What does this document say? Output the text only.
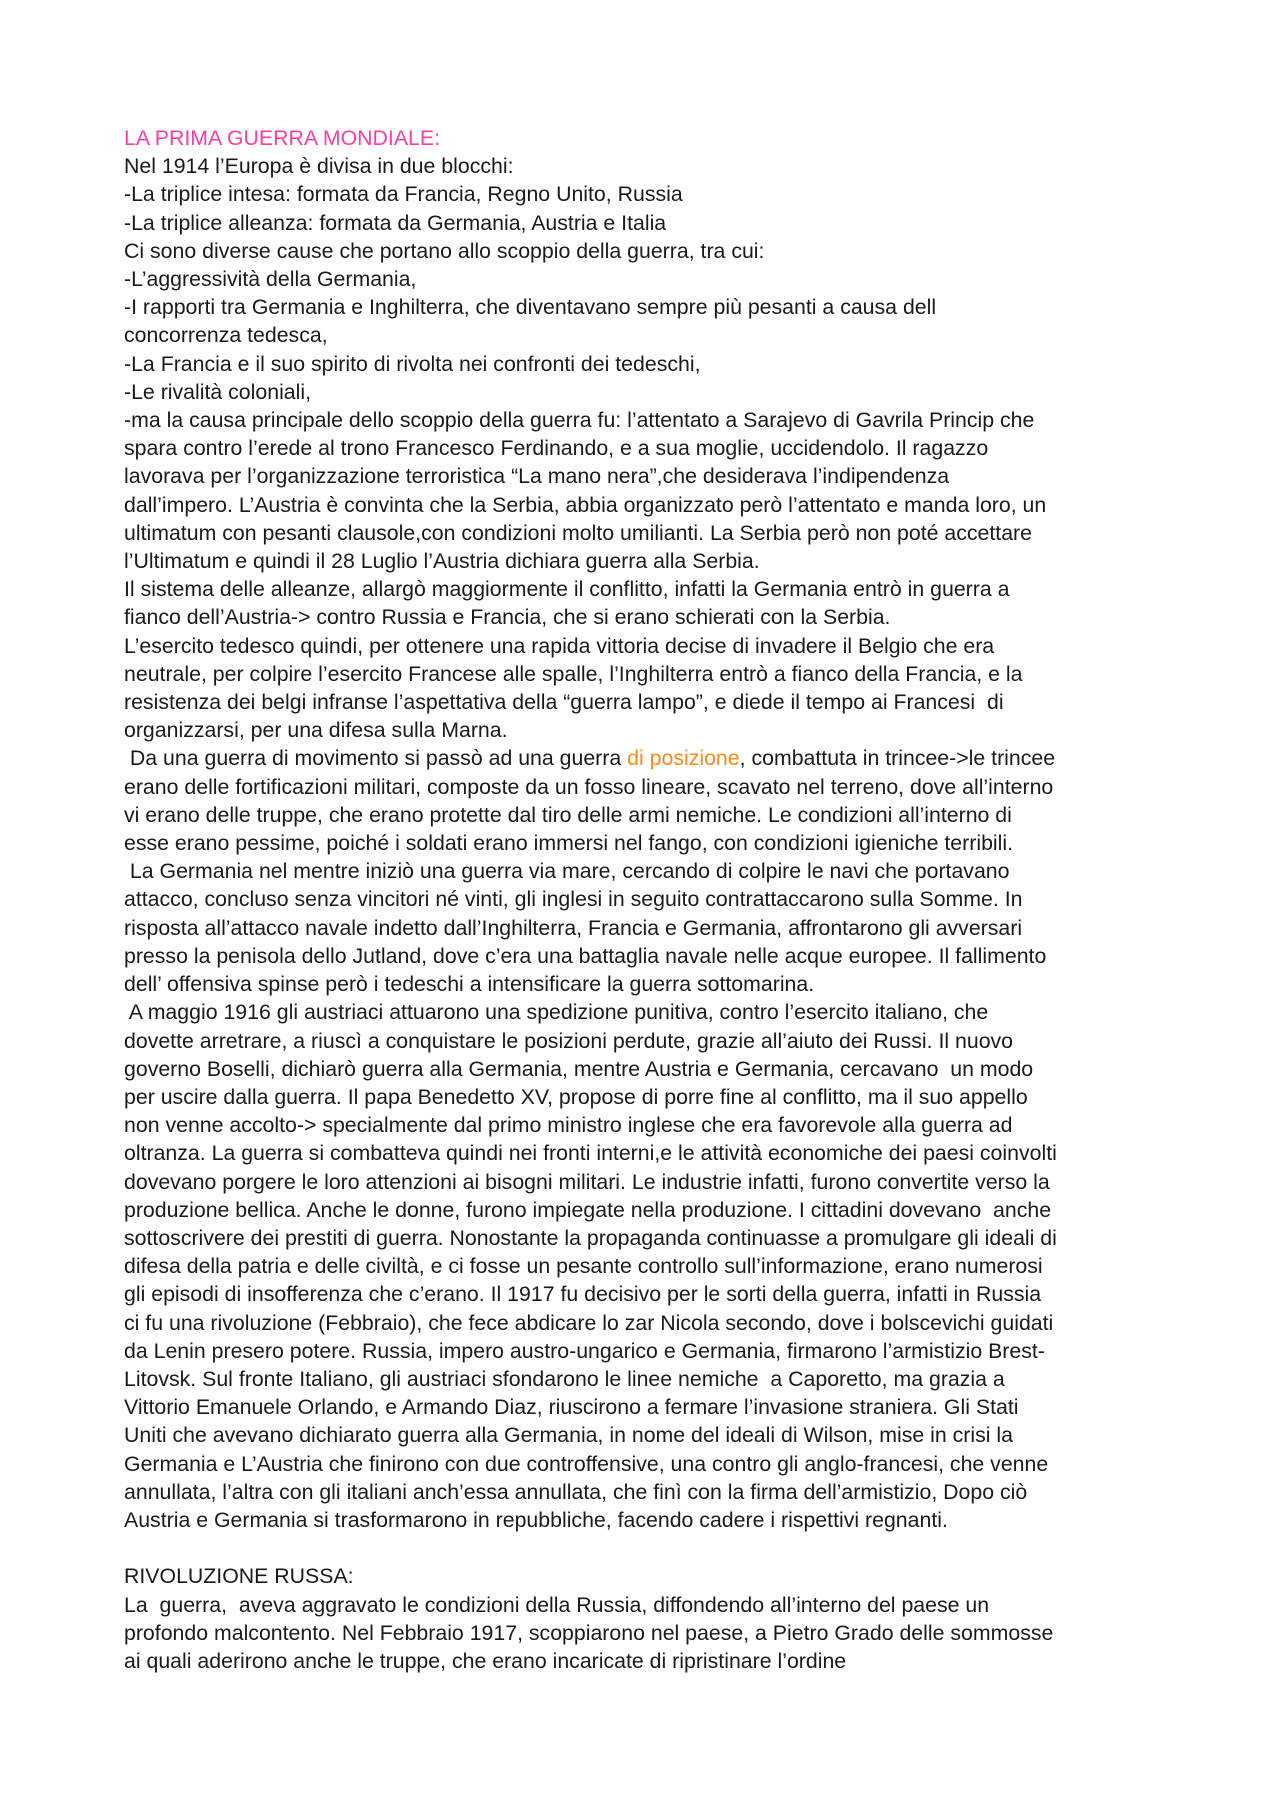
LA PRIMA GUERRA MONDIALE:
Nel 1914 l’Europa è divisa in due blocchi:
-La triplice intesa: formata da Francia, Regno Unito, Russia
-La triplice alleanza: formata da Germania, Austria e Italia
Ci sono diverse cause che portano allo scoppio della guerra, tra cui:
-L’aggressività della Germania,
-I rapporti tra Germania e Inghilterra, che diventavano sempre più pesanti a causa dell
concorrenza tedesca,
-La Francia e il suo spirito di rivolta nei confronti dei tedeschi,
-Le rivalità coloniali,
-ma la causa principale dello scoppio della guerra fu: l’attentato a Sarajevo di Gavrila Princip che
spara contro l’erede al trono Francesco Ferdinando, e a sua moglie, uccidendolo. Il ragazzo
lavorava per l’organizzazione terroristica “La mano nera”,che desiderava l’indipendenza
dall’impero. L’Austria è convinta che la Serbia, abbia organizzato però l’attentato e manda loro, un
ultimatum con pesanti clausole,con condizioni molto umilianti. La Serbia però non poté accettare
l’Ultimatum e quindi il 28 Luglio l’Austria dichiara guerra alla Serbia.
Il sistema delle alleanze, allargò maggiormente il conflitto, infatti la Germania entrò in guerra a
fianco dell’Austria-> contro Russia e Francia, che si erano schierati con la Serbia.
L’esercito tedesco quindi, per ottenere una rapida vittoria decise di invadere il Belgio che era
neutrale, per colpire l’esercito Francese alle spalle, l’Inghilterra entrò a fianco della Francia, e la
resistenza dei belgi infranse l’aspettativa della “guerra lampo”, e diede il tempo ai Francesi  di
organizzarsi, per una difesa sulla Marna.
Da una guerra di movimento si passò ad una guerra di posizione, combattuta in trincee->le trincee
erano delle fortificazioni militari, composte da un fosso lineare, scavato nel terreno, dove all’interno
vi erano delle truppe, che erano protette dal tiro delle armi nemiche. Le condizioni all’interno di
esse erano pessime, poiché i soldati erano immersi nel fango, con condizioni igieniche terribili.
La Germania nel mentre iniziò una guerra via mare, cercando di colpire le navi che portavano
attacco, concluso senza vincitori né vinti, gli inglesi in seguito contrattaccarono sulla Somme. In
risposta all’attacco navale indetto dall’Inghilterra, Francia e Germania, affrontarono gli avversari
presso la penisola dello Jutland, dove c’era una battaglia navale nelle acque europee. Il fallimento
dell’ offensiva spinse però i tedeschi a intensificare la guerra sottomarina.
A maggio 1916 gli austriaci attuarono una spedizione punitiva, contro l’esercito italiano, che
dovette arretrare, a riuscì a conquistare le posizioni perdute, grazie all’aiuto dei Russi. Il nuovo
governo Boselli, dichiarò guerra alla Germania, mentre Austria e Germania, cercavano  un modo
per uscire dalla guerra. Il papa Benedetto XV, propose di porre fine al conflitto, ma il suo appello
non venne accolto-> specialmente dal primo ministro inglese che era favorevole alla guerra ad
oltranza. La guerra si combatteva quindi nei fronti interni,e le attività economiche dei paesi coinvolti
dovevano porgere le loro attenzioni ai bisogni militari. Le industrie infatti, furono convertite verso la
produzione bellica. Anche le donne, furono impiegate nella produzione. I cittadini dovevano  anche
sottoscrivere dei prestiti di guerra. Nonostante la propaganda continuasse a promulgare gli ideali di
difesa della patria e delle civiltà, e ci fosse un pesante controllo sull’informazione, erano numerosi
gli episodi di insofferenza che c’erano. Il 1917 fu decisivo per le sorti della guerra, infatti in Russia
ci fu una rivoluzione (Febbraio), che fece abdicare lo zar Nicola secondo, dove i bolscevichi guidati
da Lenin presero potere. Russia, impero austro-ungarico e Germania, firmarono l’armistizio Brest-
Litovsk. Sul fronte Italiano, gli austriaci sfondarono le linee nemiche  a Caporetto, ma grazia a
Vittorio Emanuele Orlando, e Armando Diaz, riuscirono a fermare l’invasione straniera. Gli Stati
Uniti che avevano dichiarato guerra alla Germania, in nome del ideali di Wilson, mise in crisi la
Germania e L’Austria che finirono con due controffensive, una contro gli anglo-francesi, che venne
annullata, l’altra con gli italiani anch’essa annullata, che finì con la firma dell’armistizio, Dopo ciò
Austria e Germania si trasformarono in repubbliche, facendo cadere i rispettivi regnanti.
RIVOLUZIONE RUSSA:
La  guerra,  aveva aggravato le condizioni della Russia, diffondendo all’interno del paese un
profondo malcontento. Nel Febbraio 1917, scoppiarono nel paese, a Pietro Grado delle sommosse
ai quali aderirono anche le truppe, che erano incaricate di ripristinare l’ordine
